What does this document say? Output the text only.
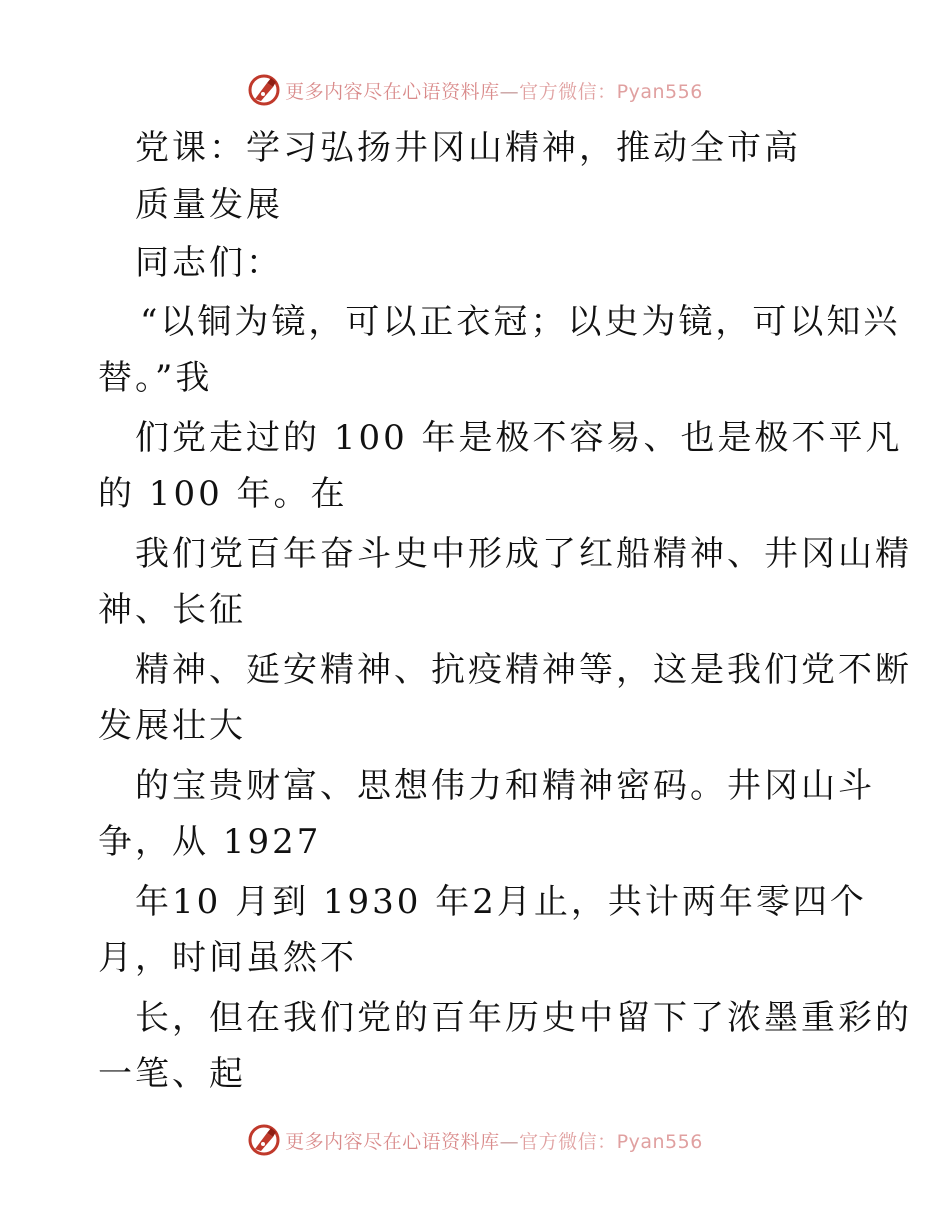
更多内容尽在心语资料库—官方微信：Pyan556
党课：学习弘扬井冈山精神，推动全市高
质量发展
同志们：
“以铜为镜，可以正衣冠；以史为镜，可以知兴
替。”我
们党走过的 100 年是极不容易、也是极不平凡
的 100 年。在
我们党百年奋斗史中形成了红船精神、井冈山精
神、长征
精神、延安精神、抗疫精神等，这是我们党不断
发展壮大
的宝贵财富、思想伟力和精神密码。井冈山斗
争，从 1927
年10 月到 1930 年2月止，共计两年零四个
月，时间虽然不
长，但在我们党的百年历史中留下了浓墨重彩的
一笔、起
更多内容尽在心语资料库—官方微信：Pyan556
